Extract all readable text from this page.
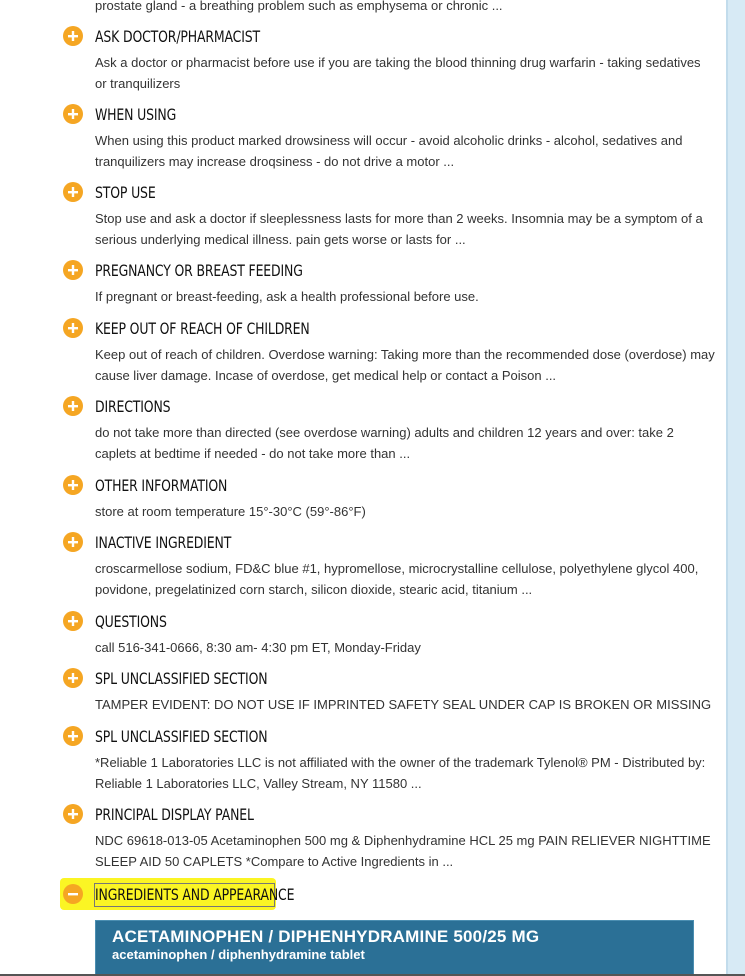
prostate gland - a breathing problem such as emphysema or chronic ...
ASK DOCTOR/PHARMACIST
Ask a doctor or pharmacist before use if you are taking the blood thinning drug warfarin - taking sedatives or tranquilizers
WHEN USING
When using this product marked drowsiness will occur - avoid alcoholic drinks - alcohol, sedatives and tranquilizers may increase droqsiness - do not drive a motor ...
STOP USE
Stop use and ask a doctor if sleeplessness lasts for more than 2 weeks. Insomnia may be a symptom of a serious underlying medical illness. pain gets worse or lasts for ...
PREGNANCY OR BREAST FEEDING
If pregnant or breast-feeding, ask a health professional before use.
KEEP OUT OF REACH OF CHILDREN
Keep out of reach of children. Overdose warning: Taking more than the recommended dose (overdose) may cause liver damage. Incase of overdose, get medical help or contact a Poison ...
DIRECTIONS
do not take more than directed (see overdose warning) adults and children 12 years and over: take 2 caplets at bedtime if needed - do not take more than ...
OTHER INFORMATION
store at room temperature 15°-30°C (59°-86°F)
INACTIVE INGREDIENT
croscarmellose sodium, FD&C blue #1, hypromellose, microcrystalline cellulose, polyethylene glycol 400, povidone, pregelatinized corn starch, silicon dioxide, stearic acid, titanium ...
QUESTIONS
call 516-341-0666, 8:30 am- 4:30 pm ET, Monday-Friday
SPL UNCLASSIFIED SECTION
TAMPER EVIDENT: DO NOT USE IF IMPRINTED SAFETY SEAL UNDER CAP IS BROKEN OR MISSING
SPL UNCLASSIFIED SECTION
*Reliable 1 Laboratories LLC is not affiliated with the owner of the trademark Tylenol® PM - Distributed by: Reliable 1 Laboratories LLC, Valley Stream, NY 11580 ...
PRINCIPAL DISPLAY PANEL
NDC 69618-013-05 Acetaminophen 500 mg & Diphenhydramine HCL 25 mg PAIN RELIEVER NIGHTTIME SLEEP AID 50 CAPLETS *Compare to Active Ingredients in ...
INGREDIENTS AND APPEARANCE
ACETAMINOPHEN / DIPHENHYDRAMINE 500/25 MG
acetaminophen / diphenhydramine tablet
